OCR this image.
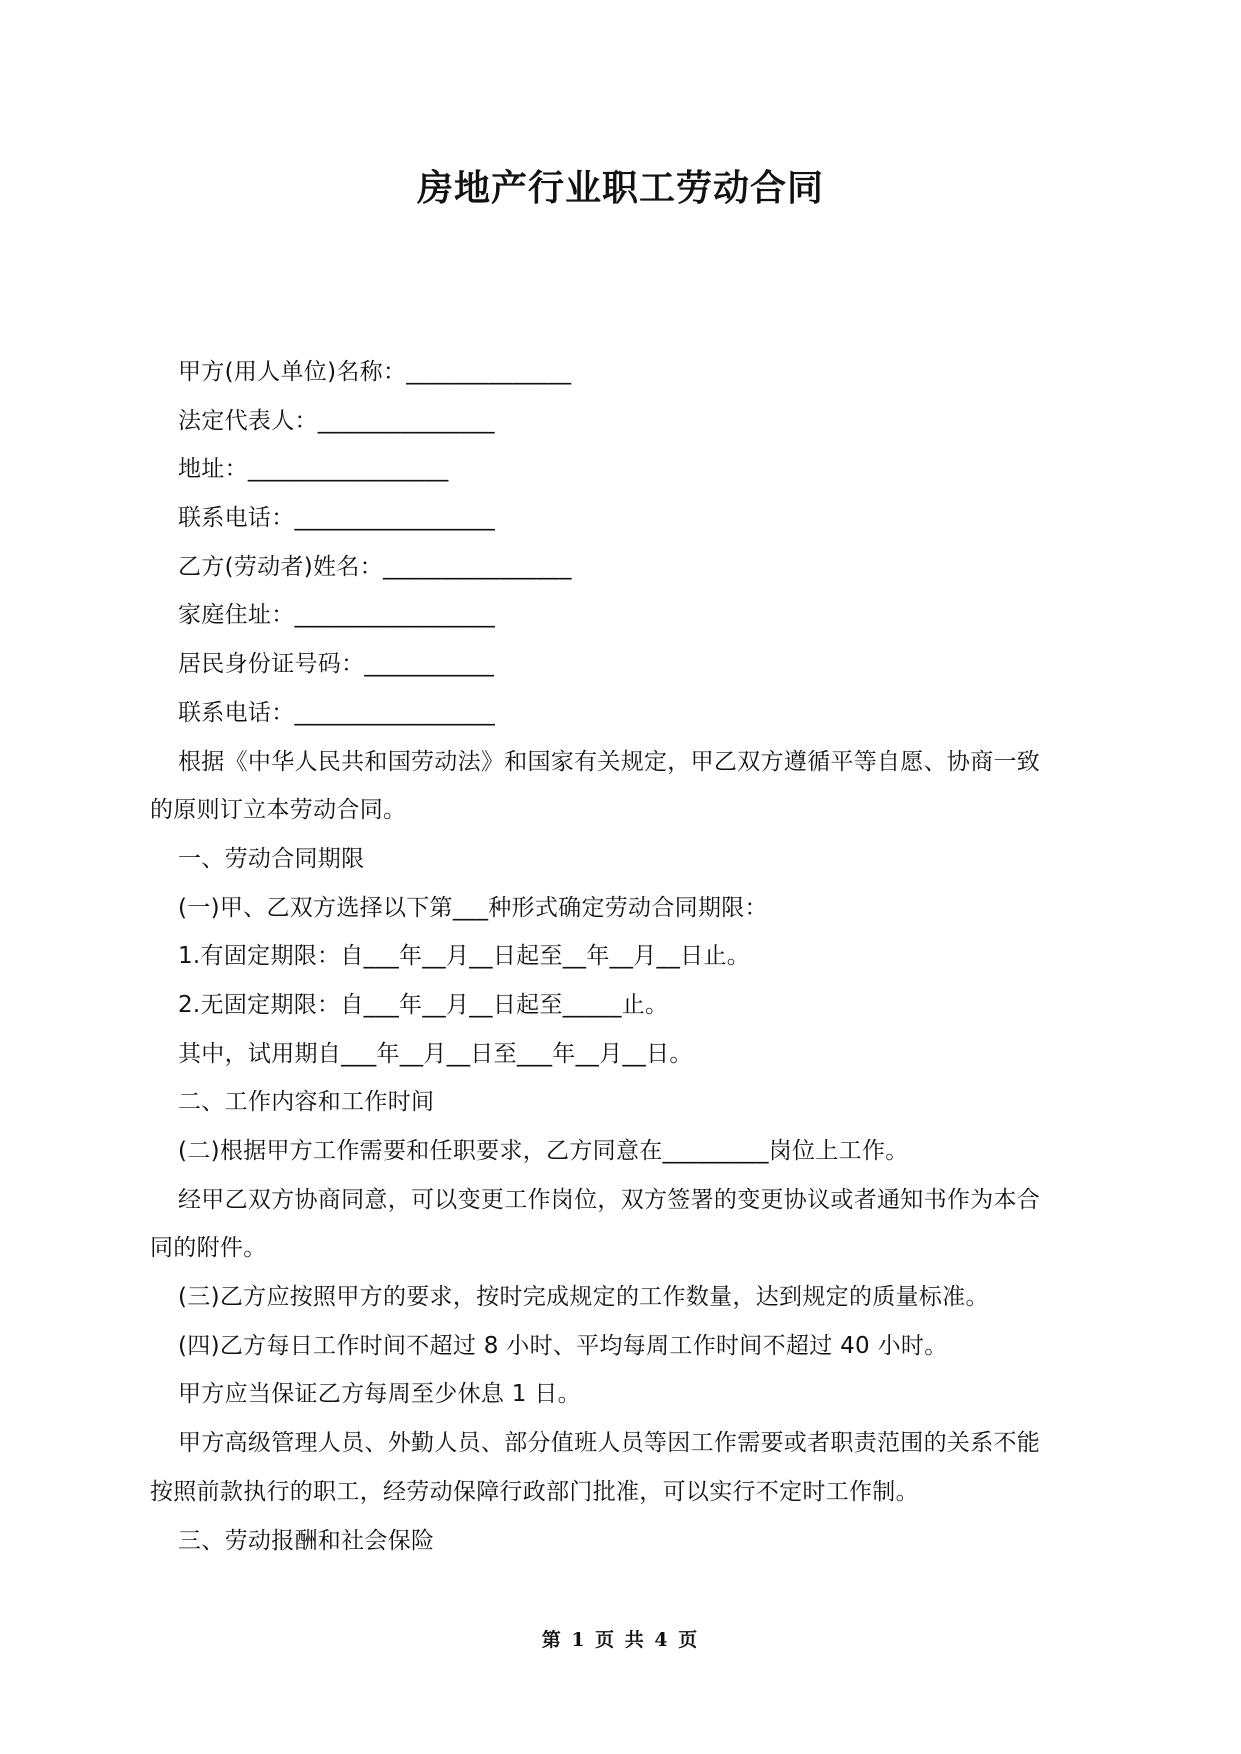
房地产行业职工劳动合同
甲方(用人单位)名称：______________
法定代表人：_______________
地址：_________________
联系电话：_________________
乙方(劳动者)姓名：________________
家庭住址：_________________
居民身份证号码：___________
联系电话：_________________
根据《中华人民共和国劳动法》和国家有关规定，甲乙双方遵循平等自愿、协商一致
的原则订立本劳动合同。
一、劳动合同期限
(一)甲、乙双方选择以下第___种形式确定劳动合同期限：
1.有固定期限：自___年__月__日起至__年__月__日止。
2.无固定期限：自___年__月__日起至_____止。
其中，试用期自___年__月__日至___年__月__日。
二、工作内容和工作时间
(二)根据甲方工作需要和任职要求，乙方同意在_________岗位上工作。
经甲乙双方协商同意，可以变更工作岗位，双方签署的变更协议或者通知书作为本合
同的附件。
(三)乙方应按照甲方的要求，按时完成规定的工作数量，达到规定的质量标准。
(四)乙方每日工作时间不超过 8 小时、平均每周工作时间不超过 40 小时。
甲方应当保证乙方每周至少休息 1 日。
甲方高级管理人员、外勤人员、部分值班人员等因工作需要或者职责范围的关系不能
按照前款执行的职工，经劳动保障行政部门批准，可以实行不定时工作制。
三、劳动报酬和社会保险
第 1 页 共 4 页
